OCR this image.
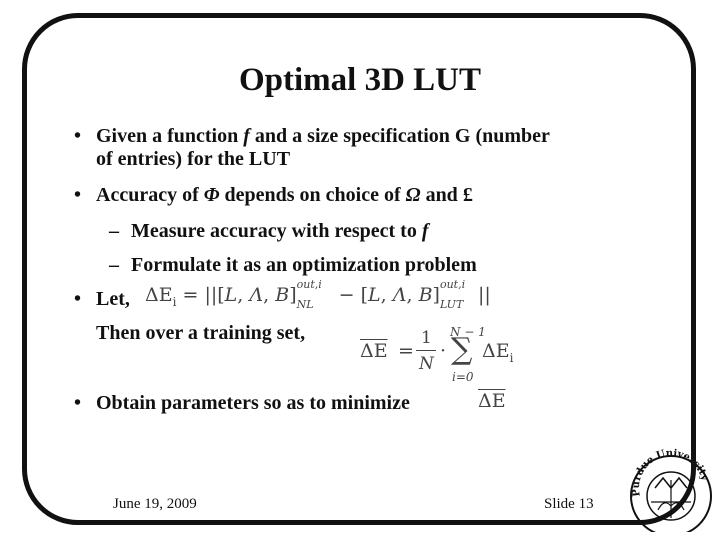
Optimal 3D LUT
• Given a function f and a size specification G (number
of entries) for the LUT
• Accuracy of Φ depends on choice of Ω and £
– Measure accuracy with respect to f
– Formulate it as an optimization problem
• Let, $\Delta E_i = ||[L$, Λ, B] out,i
NL − [L, Λ, B] out,i
LUT ||
Then over a training set,
$\overline{\Delta E}$ =
1
N
·
N − 1
∑
i=0
$\Delta E_i$
• Obtain parameters so as to minimize	$\overline{\Delta E}$
June 19, 2009	Slide 13
Purdue University
